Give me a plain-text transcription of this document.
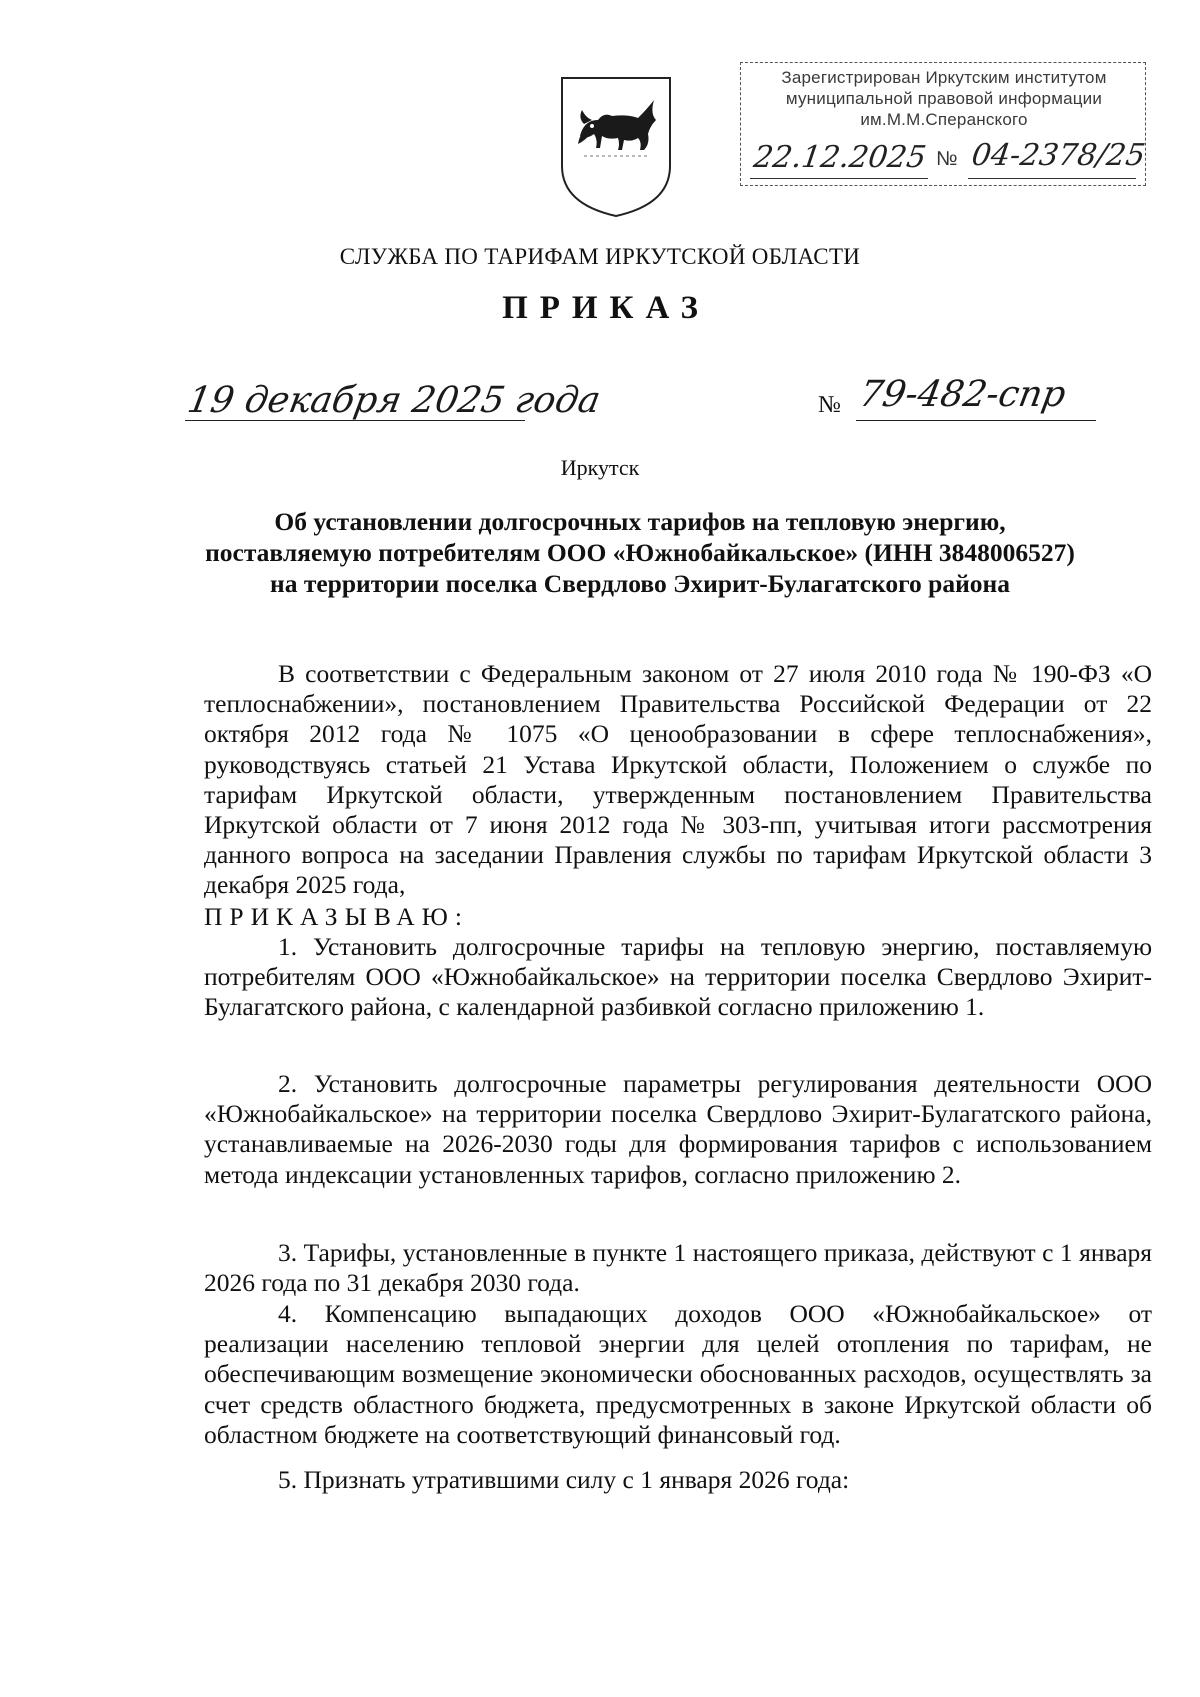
Зарегистрирован Иркутским институтом
муниципальной правовой информации
им.М.М.Сперанского
22.12.2025 № 04-2378/25
СЛУЖБА ПО ТАРИФАМ ИРКУТСКОЙ ОБЛАСТИ
ПРИКАЗ
19 декабря 2025 года	№ 79-482-спр
Иркутск
Об установлении долгосрочных тарифов на тепловую энергию, поставляемую потребителям ООО «Южнобайкальское» (ИНН 3848006527) на территории поселка Свердлово Эхирит-Булагатского района

В соответствии с Федеральным законом от 27 июля 2010 года № 190-ФЗ «О теплоснабжении», постановлением Правительства Российской Федерации от 22 октября 2012 года № 1075 «О ценообразовании в сфере теплоснабжения», руководствуясь статьей 21 Устава Иркутской области, Положением о службе по тарифам Иркутской области, утвержденным постановлением Правительства Иркутской области от 7 июня 2012 года № 303-пп, учитывая итоги рассмотрения данного вопроса на заседании Правления службы по тарифам Иркутской области 3 декабря 2025 года,

ПРИКАЗЫВАЮ:

1. Установить долгосрочные тарифы на тепловую энергию, поставляемую потребителям ООО «Южнобайкальское» на территории поселка Свердлово Эхирит-Булагатского района, с календарной разбивкой согласно приложению 1.

2. Установить долгосрочные параметры регулирования деятельности ООО «Южнобайкальское» на территории поселка Свердлово Эхирит-Булагатского района, устанавливаемые на 2026-2030 годы для формирования тарифов с использованием метода индексации установленных тарифов, согласно приложению 2.

3. Тарифы, установленные в пункте 1 настоящего приказа, действуют с 1 января 2026 года по 31 декабря 2030 года.

4. Компенсацию выпадающих доходов ООО «Южнобайкальское» от реализации населению тепловой энергии для целей отопления по тарифам, не обеспечивающим возмещение экономически обоснованных расходов, осуществлять за счет средств областного бюджета, предусмотренных в законе Иркутской области об областном бюджете на соответствующий финансовый год.

5. Признать утратившими силу с 1 января 2026 года:
